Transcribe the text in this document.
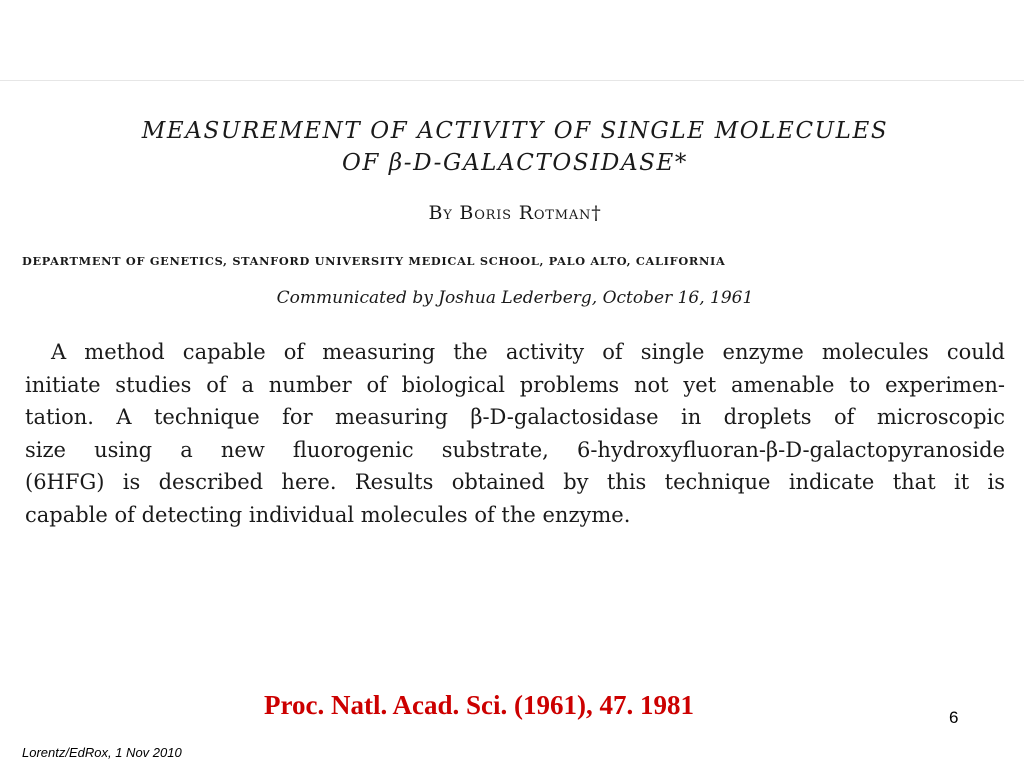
MEASUREMENT OF ACTIVITY OF SINGLE MOLECULES
OF β-D-GALACTOSIDASE*
By Boris Rotman†
DEPARTMENT OF GENETICS, STANFORD UNIVERSITY MEDICAL SCHOOL, PALO ALTO, CALIFORNIA
Communicated by Joshua Lederberg, October 16, 1961
A method capable of measuring the activity of single enzyme molecules could
initiate studies of a number of biological problems not yet amenable to experimen-
tation. A technique for measuring β-D-galactosidase in droplets of microscopic
size using a new fluorogenic substrate, 6-hydroxyfluoran-β-D-galactopyranoside
(6HFG) is described here. Results obtained by this technique indicate that it is
capable of detecting individual molecules of the enzyme.
Proc. Natl. Acad. Sci. (1961), 47. 1981	6
Lorentz/EdRox, 1 Nov 2010
